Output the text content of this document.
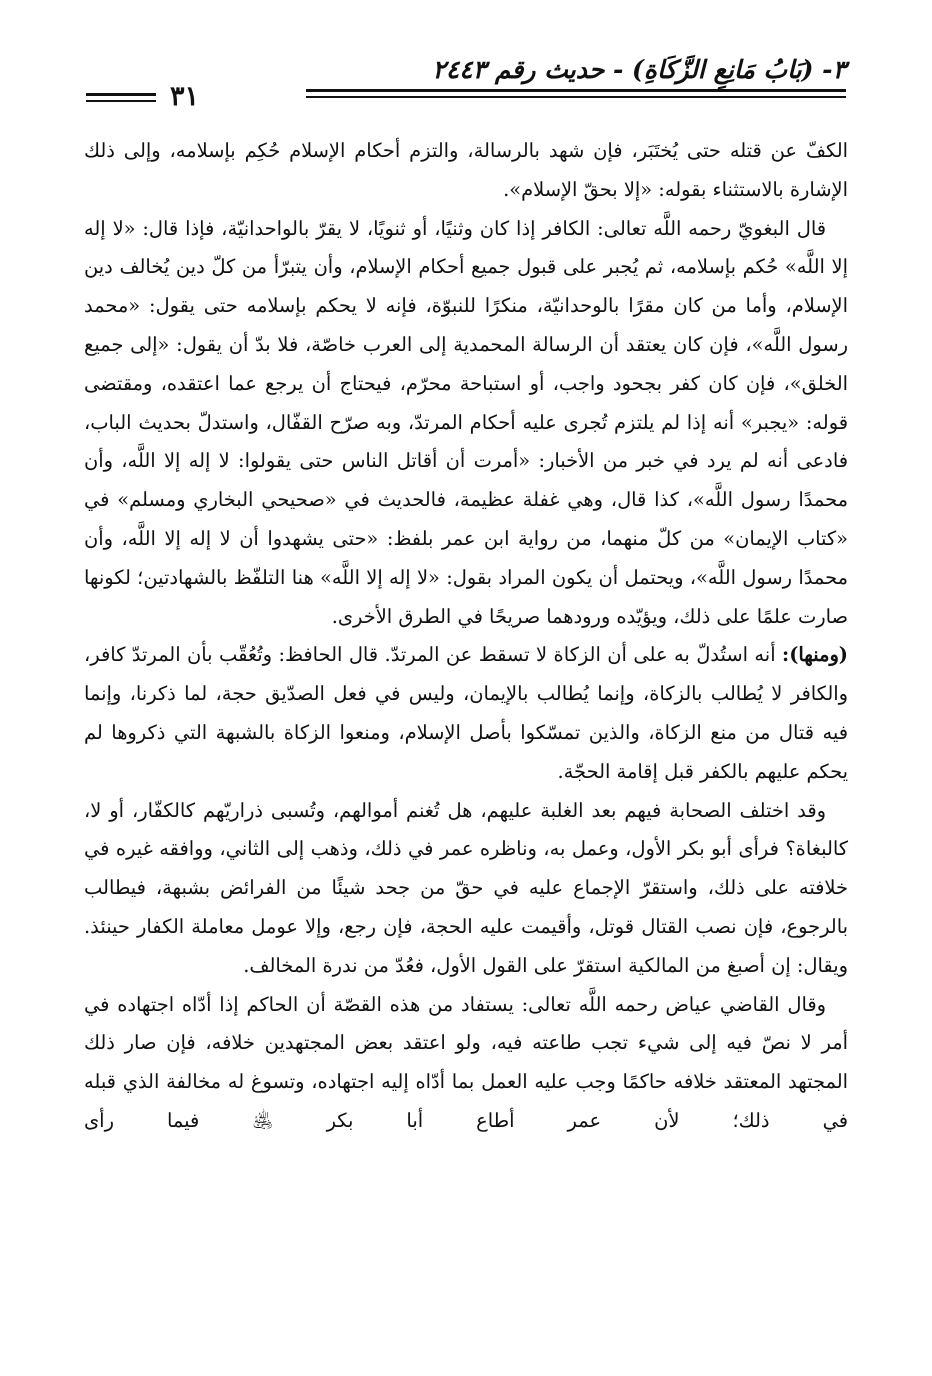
٣- (بَابُ مَانِعِ الزَّكَاةِ) - حديث رقم ٢٤٤٣
٣١

الكفّ عن قتله حتى يُختَبَر، فإن شهد بالرسالة، والتزم أحكام الإسلام حُكِم بإسلامه، وإلى ذلك الإشارة بالاستثناء بقوله: «إلا بحقّ الإسلام».

قال البغويّ رحمه اللَّه تعالى: الكافر إذا كان وثنيًا، أو ثنويًا، لا يقرّ بالواحدانيّة، فإذا قال: «لا إله إلا اللَّه» حُكم بإسلامه، ثم يُجبر على قبول جميع أحكام الإسلام، وأن يتبرّأ من كلّ دين يُخالف دين الإسلام، وأما من كان مقرًا بالوحدانيّة، منكرًا للنبوّة، فإنه لا يحكم بإسلامه حتى يقول: «محمد رسول اللَّه»، فإن كان يعتقد أن الرسالة المحمدية إلى العرب خاصّة، فلا بدّ أن يقول: «إلى جميع الخلق»، فإن كان كفر بجحود واجب، أو استباحة محرّم، فيحتاج أن يرجع عما اعتقده، ومقتضى قوله: «يجبر» أنه إذا لم يلتزم تُجرى عليه أحكام المرتدّ، وبه صرّح القفّال، واستدلّ بحديث الباب، فادعى أنه لم يرد في خبر من الأخبار: «أمرت أن أقاتل الناس حتى يقولوا: لا إله إلا اللَّه، وأن محمدًا رسول اللَّه»، كذا قال، وهي غفلة عظيمة، فالحديث في «صحيحي البخاري ومسلم» في «كتاب الإيمان» من كلّ منهما، من رواية ابن عمر بلفظ: «حتى يشهدوا أن لا إله إلا اللَّه، وأن محمدًا رسول اللَّه»، ويحتمل أن يكون المراد بقول: «لا إله إلا اللَّه» هنا التلفّظ بالشهادتين؛ لكونها صارت علمًا على ذلك، ويؤيّده ورودهما صريحًا في الطرق الأخرى.

(ومنها): أنه استُدلّ به على أن الزكاة لا تسقط عن المرتدّ. قال الحافظ: وتُعُقّب بأن المرتدّ كافر، والكافر لا يُطالب بالزكاة، وإنما يُطالب بالإيمان، وليس في فعل الصدّيق حجة، لما ذكرنا، وإنما فيه قتال من منع الزكاة، والذين تمسّكوا بأصل الإسلام، ومنعوا الزكاة بالشبهة التي ذكروها لم يحكم عليهم بالكفر قبل إقامة الحجّة.

وقد اختلف الصحابة فيهم بعد الغلبة عليهم، هل تُغنم أموالهم، وتُسبى ذراريّهم كالكفّار، أو لا، كالبغاة؟ فرأى أبو بكر الأول، وعمل به، وناظره عمر في ذلك، وذهب إلى الثاني، ووافقه غيره في خلافته على ذلك، واستقرّ الإجماع عليه في حقّ من جحد شيئًا من الفرائض بشبهة، فيطالب بالرجوع، فإن نصب القتال قوتل، وأقيمت عليه الحجة، فإن رجع، وإلا عومل معاملة الكفار حينئذ. ويقال: إن أصبغ من المالكية استقرّ على القول الأول، فعُدّ من ندرة المخالف.

وقال القاضي عياض رحمه اللَّه تعالى: يستفاد من هذه القصّة أن الحاكم إذا أدّاه اجتهاده في أمر لا نصّ فيه إلى شيء تجب طاعته فيه، ولو اعتقد بعض المجتهدين خلافه، فإن صار ذلك المجتهد المعتقد خلافه حاكمًا وجب عليه العمل بما أدّاه إليه اجتهاده، وتسوغ له مخالفة الذي قبله في ذلك؛ لأن عمر أطاع أبا بكر ﵁ فيما رأى
